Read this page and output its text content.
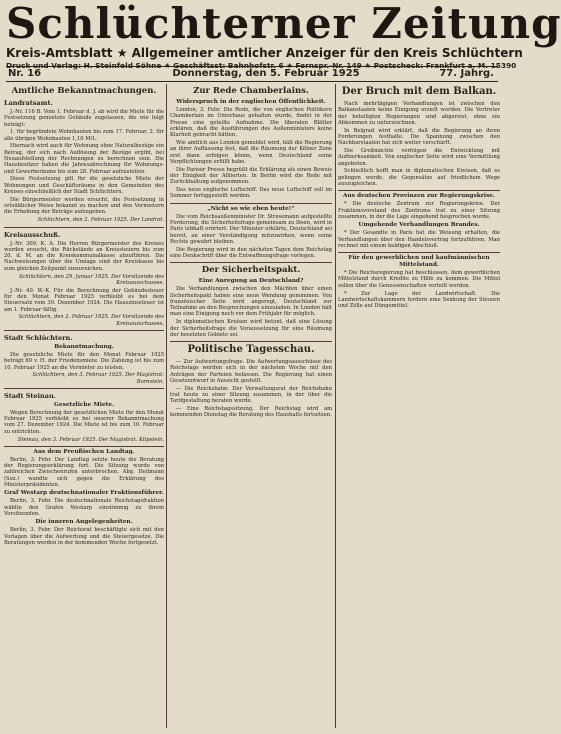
Schlüchterner Zeitung
Kreis-Amtsblatt ★ Allgemeiner amtlicher Anzeiger für den Kreis Schlüchtern
Druck und Verlag: H. Steinfeld Söhne ★ Geschäftsst: Bahnhofstr. 6 ★ Fernspr.-Nr. 149 ★ Postscheck: Frankfurt a. M. 15390
Nr. 16	Donnerstag, den 5. Februar 1925	77. Jahrg.
Amtliche Bekanntmachungen.
Landratsamt.

J.-Nr. 116 B. Vom 1. Februar d. J. ab wird die Miete für die Festsetzung gemietete Gebäude zugelassen, die wie folgt beträgt:

1. für begründete Wohnbauten bis zum 17. Februar, 2. für alle übrigen Wohnbauten 1,10 M/L.

Hiernach wird auch für Wohnung ohne Naturalbezüge ein Betrag, der sich nach Auflösung der Bezüge ergibt, bei Neuaufstellung der Rechnungen zu berechnen sein. Die Hausbesitzer haben die Jahresabrechnung für Wohnungs- und Gewerberäume bis zum 28. Februar aufzustellen.

Diese Festsetzung gilt für die gesetzliche Miete der Wohnungen und Geschäftsräume in den Gemeinden des Kreises einschließlich der Stadt Schlüchtern.

Die Bürgermeister werden ersucht, die Festsetzung in ortsüblicher Weise bekannt zu machen und den Vermietern die Erhebung der Beträge aufzugeben.

Schlüchtern, den 2. Februar 1925. Der Landrat.

Kreisausschuß.

J.-Nr. 309. K. A. Die Herren Bürgermeister des Kreises werden ersucht, die Rückstände an Kreissteuern bis zum 20. d. M. an die Kreiskommunalkasse abzuführen. Die Nachweisungen über die Umlage sind der Kreiskasse bis zum gleichen Zeitpunkt einzureichen.

Schlüchtern, den 29. Januar 1925. Der Vorsitzende des Kreisausschusses.

J.-Nr. 40. W.-K. Für die Berechnung der Gebäudesteuer für den Monat Februar 1925 verbleibt es bei dem Steuersatz vom 30. Dezember 1924. Die Hauszinssteuer ist am 1. Februar fällig.

Schlüchtern, den 2. Februar 1925. Der Vorsitzende des Kreisausschusses.

Stadt Schlüchtern.
Bekanntmachung.

Die gesetzliche Miete für den Monat Februar 1925 beträgt 80 v. H. der Friedensmiete. Die Zahlung ist bis zum 10. Februar 1925 an die Vermieter zu leisten.

Schlüchtern, den 3. Februar 1925. Der Magistrat: Bornstein.

Stadt Steinau.
Gesetzliche Miete.

Wegen Berechnung der gesetzlichen Miete für den Monat Februar 1925 verbleibt es bei unserer Bekanntmachung vom 27. Dezember 1924. Die Miete ist bis zum 10. Februar zu entrichten.

Steinau, den 3. Februar 1925. Der Magistrat. Kilpstein.

Aus dem Preußischen Landtag.

Berlin, 3. Febr. Der Landtag setzte heute die Beratung der Regierungserklärung fort. Die Sitzung wurde von zahlreichen Zwischenrufen unterbrochen. Abg. Heilmann (Soz.) wandte sich gegen die Erklärung des Ministerpräsidenten.

Graf Westarp deutschnationaler Fraktionsführer.

Berlin, 3. Febr. Die deutschnationale Reichstagsfraktion wählte den Grafen Westarp einstimmig zu ihrem Vorsitzenden.

Die inneren Angelegenheiten.

Berlin, 3. Febr. Der Reichsrat beschäftigte sich mit den Vorlagen über die Aufwertung und die Steuergesetze. Die Beratungen werden in der kommenden Woche fortgesetzt.

Zur Rede Chamberlains.
Widerspruch in der englischen Öffentlichkeit.

London, 3. Febr. Die Rede, die von englischen Politikern Chamberlain im Unterhaus gehalten wurde, findet in der Presse eine geteilte Aufnahme. Die liberalen Blätter erklären, daß die Ausführungen des Außenministers keine Klarheit gebracht hätten.

Wie amtlich aus London gemeldet wird, hält die Regierung an ihrer Auffassung fest, daß die Räumung der Kölner Zone erst dann erfolgen könne, wenn Deutschland seine Verpflichtungen erfüllt habe.

Die Pariser Presse begrüßt die Erklärung als einen Beweis der Einigkeit der Alliierten. In Berlin wird die Rede mit Zurückhaltung aufgenommen.

Das neue englische Luftschiff. Das neue Luftschiff soll im Sommer fertiggestellt werden.

„Nicht so wie eben heute!“

Die vom Reichsaußenminister Dr. Stresemann aufgestellte Forderung, die Sicherheitsfrage gemeinsam zu lösen, wird in Paris lebhaft erörtert. Der Minister erklärte, Deutschland sei bereit, an einer Verständigung mitzuwirken, wenn seine Rechte gewahrt bleiben.

Die Regierung wird in den nächsten Tagen dem Reichstag eine Denkschrift über die Entwaffnungsfrage vorlegen.

Der Sicherheitspakt.
Eine Anregung an Deutschland?

Die Verhandlungen zwischen den Mächten über einen Sicherheitspakt haben eine neue Wendung genommen. Von französischer Seite wird angeregt, Deutschland zur Teilnahme an den Besprechungen einzuladen. In London hält man eine Einigung noch vor dem Frühjahr für möglich.

In diplomatischen Kreisen wird betont, daß eine Lösung der Sicherheitsfrage die Voraussetzung für eine Räumung der besetzten Gebiete sei.

Politische Tagesschau.

— Zur Aufwertungsfrage. Die Aufwertungsausschüsse des Reichstags werden sich in der nächsten Woche mit den Anträgen der Parteien befassen. Die Regierung hat einen Gesetzentwurf in Aussicht gestellt.

— Die Reichsbahn. Der Verwaltungsrat der Reichsbahn trat heute zu einer Sitzung zusammen, in der über die Tarifgestaltung beraten wurde.

— Eine Reichstagssitzung. Der Reichstag wird am kommenden Dienstag die Beratung des Haushalts fortsetzen.

Der Bruch mit dem Balkan.

Nach mehrtägigen Verhandlungen ist zwischen den Balkanstaaten keine Einigung erzielt worden. Die Vertreter der beteiligten Regierungen sind abgereist, ohne ein Abkommen zu unterzeichnen.

In Belgrad wird erklärt, daß die Regierung an ihren Forderungen festhalte. Die Spannung zwischen den Nachbarstaaten hat sich weiter verschärft.

Die Großmächte verfolgen die Entwicklung mit Aufmerksamkeit. Von englischer Seite wird eine Vermittlung angeboten.

Schließlich hofft man in diplomatischen Kreisen, daß es gelingen werde, die Gegensätze auf friedlichem Wege auszugleichen.

Aus deutschen Provinzen zur Regierungskrise.

* Die deutsche Zentrum zur Regierungskrise. Der Fraktionsvorstand des Zentrums trat zu einer Sitzung zusammen, in der die Lage eingehend besprochen wurde.

Umgehende Verhandlungen Brandes.

* Der Gesandte in Paris hat die Weisung erhalten, die Verhandlungen über den Handelsvertrag fortzuführen. Man rechnet mit einem baldigen Abschluß.

Für den gewerblichen und kaufmännischen Mittelstand.

* Die Reichsregierung hat beschlossen, dem gewerblichen Mittelstand durch Kredite zu Hilfe zu kommen. Die Mittel sollen über die Genossenschaften verteilt werden.

* Zur Lage der Landwirtschaft. Die Landwirtschaftskammern fordern eine Senkung der Steuern und Zölle auf Düngemittel.
